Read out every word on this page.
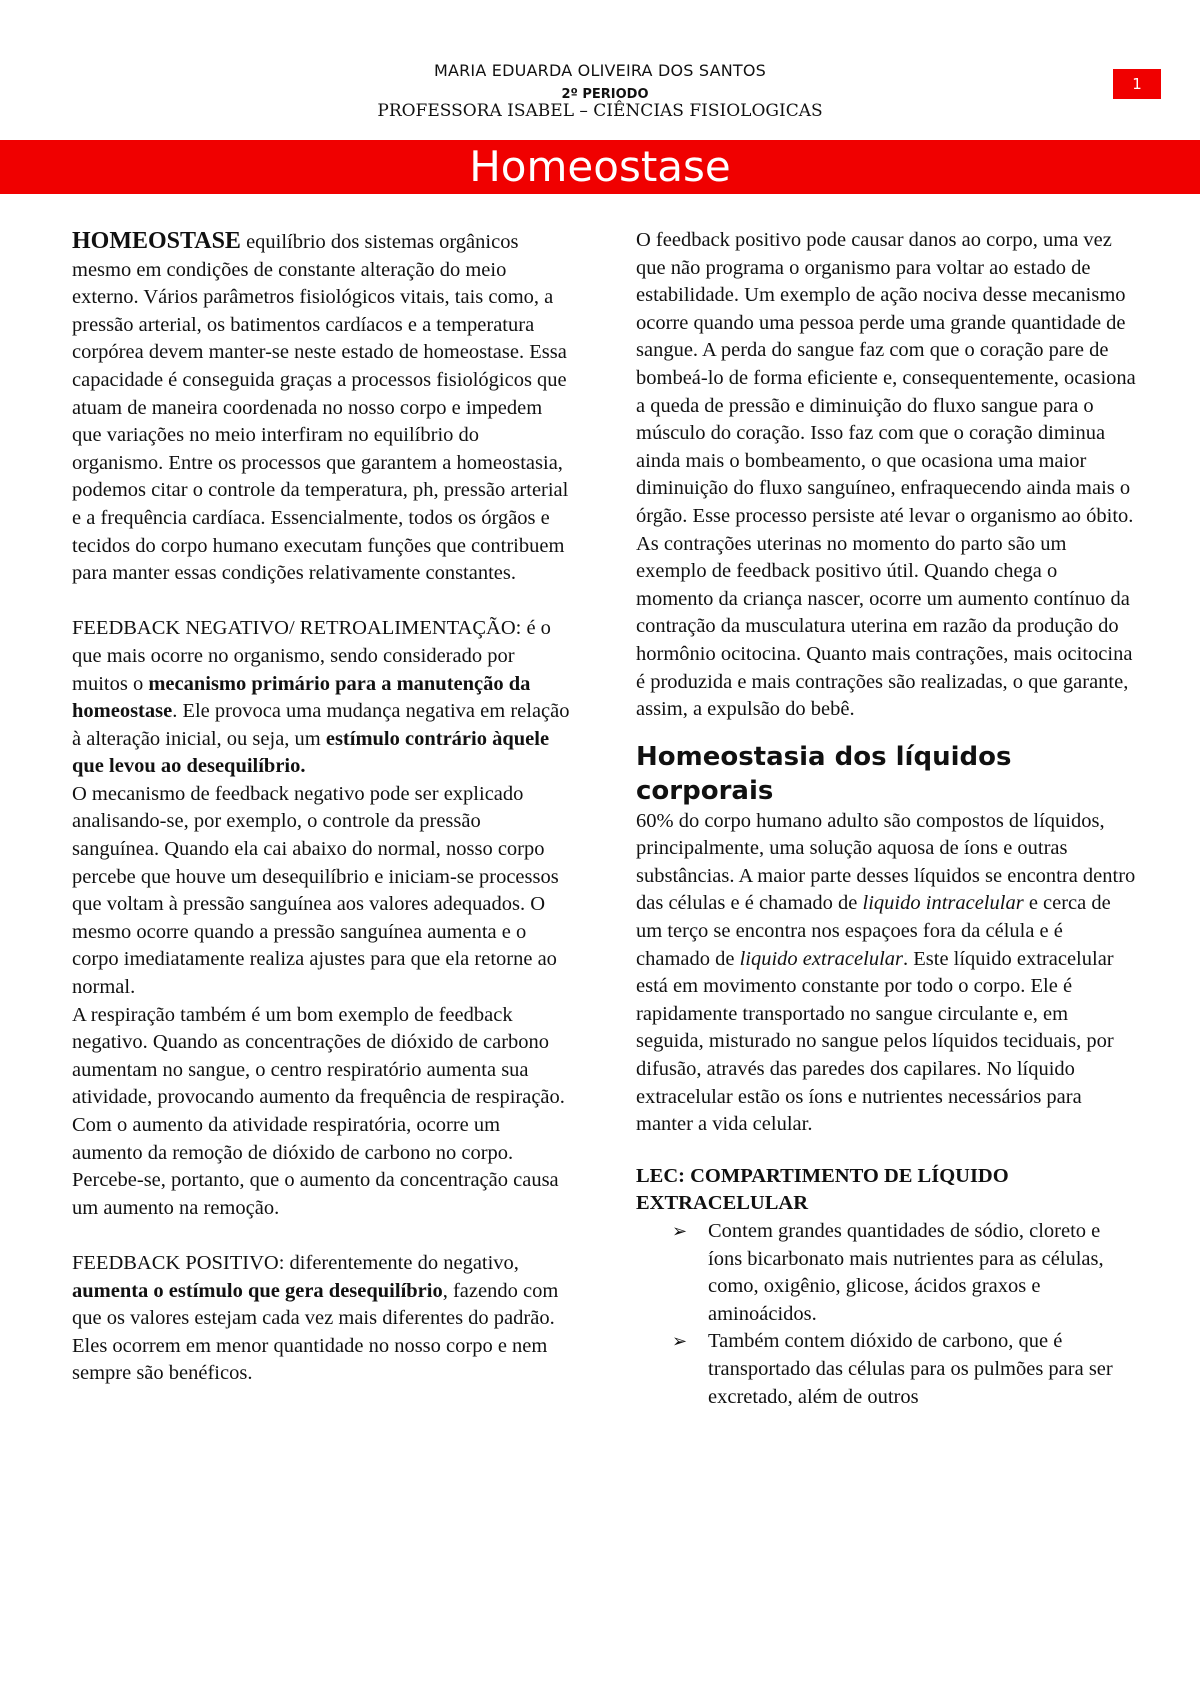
MARIA EDUARDA OLIVEIRA DOS SANTOS
2º PERIODO
PROFESSORA ISABEL – CIÊNCIAS FISIOLOGICAS
1
Homeostase

HOMEOSTASE equilíbrio dos sistemas orgânicos mesmo em condições de constante alteração do meio externo. Vários parâmetros fisiológicos vitais, tais como, a pressão arterial, os batimentos cardíacos e a temperatura corpórea devem manter-se neste estado de homeostase. Essa capacidade é conseguida graças a processos fisiológicos que atuam de maneira coordenada no nosso corpo e impedem que variações no meio interfiram no equilíbrio do organismo. Entre os processos que garantem a homeostasia, podemos citar o controle da temperatura, ph, pressão arterial e a frequência cardíaca. Essencialmente, todos os órgãos e tecidos do corpo humano executam funções que contribuem para manter essas condições relativamente constantes.

FEEDBACK NEGATIVO/ RETROALIMENTAÇÃO: é o que mais ocorre no organismo, sendo considerado por muitos o mecanismo primário para a manutenção da homeostase. Ele provoca uma mudança negativa em relação à alteração inicial, ou seja, um estímulo contrário àquele que levou ao desequilíbrio.

O mecanismo de feedback negativo pode ser explicado analisando-se, por exemplo, o controle da pressão sanguínea. Quando ela cai abaixo do normal, nosso corpo percebe que houve um desequilíbrio e iniciam-se processos que voltam à pressão sanguínea aos valores adequados. O mesmo ocorre quando a pressão sanguínea aumenta e o corpo imediatamente realiza ajustes para que ela retorne ao normal.

A respiração também é um bom exemplo de feedback negativo. Quando as concentrações de dióxido de carbono aumentam no sangue, o centro respiratório aumenta sua atividade, provocando aumento da frequência de respiração. Com o aumento da atividade respiratória, ocorre um aumento da remoção de dióxido de carbono no corpo. Percebe-se, portanto, que o aumento da concentração causa um aumento na remoção.

FEEDBACK POSITIVO: diferentemente do negativo, aumenta o estímulo que gera desequilíbrio, fazendo com que os valores estejam cada vez mais diferentes do padrão. Eles ocorrem em menor quantidade no nosso corpo e nem sempre são benéficos.

O feedback positivo pode causar danos ao corpo, uma vez que não programa o organismo para voltar ao estado de estabilidade. Um exemplo de ação nociva desse mecanismo ocorre quando uma pessoa perde uma grande quantidade de sangue. A perda do sangue faz com que o coração pare de bombeá-lo de forma eficiente e, consequentemente, ocasiona a queda de pressão e diminuição do fluxo sangue para o músculo do coração. Isso faz com que o coração diminua ainda mais o bombeamento, o que ocasiona uma maior diminuição do fluxo sanguíneo, enfraquecendo ainda mais o órgão. Esse processo persiste até levar o organismo ao óbito.

As contrações uterinas no momento do parto são um exemplo de feedback positivo útil. Quando chega o momento da criança nascer, ocorre um aumento contínuo da contração da musculatura uterina em razão da produção do hormônio ocitocina. Quanto mais contrações, mais ocitocina é produzida e mais contrações são realizadas, o que garante, assim, a expulsão do bebê.

Homeostasia dos líquidos corporais

60% do corpo humano adulto são compostos de líquidos, principalmente, uma solução aquosa de íons e outras substâncias. A maior parte desses líquidos se encontra dentro das células e é chamado de liquido intracelular e cerca de um terço se encontra nos espaçoes fora da célula e é chamado de liquido extracelular. Este líquido extracelular está em movimento constante por todo o corpo. Ele é rapidamente transportado no sangue circulante e, em seguida, misturado no sangue pelos líquidos teciduais, por difusão, através das paredes dos capilares. No líquido extracelular estão os íons e nutrientes necessários para manter a vida celular.

LEC: COMPARTIMENTO DE LÍQUIDO EXTRACELULAR

➢ Contem grandes quantidades de sódio, cloreto e íons bicarbonato mais nutrientes para as células, como, oxigênio, glicose, ácidos graxos e aminoácidos.
➢ Também contem dióxido de carbono, que é transportado das células para os pulmões para ser excretado, além de outros
